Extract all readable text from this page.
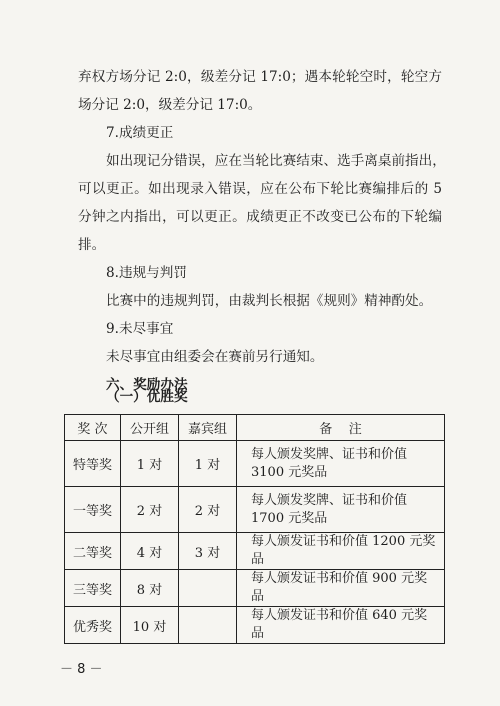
弃权方场分记 2:0，级差分记 17:0；遇本轮轮空时，轮空方
场分记 2:0，级差分记 17:0。
7.成绩更正
如出现记分错误，应在当轮比赛结束、选手离桌前指出，
可以更正。如出现录入错误，应在公布下轮比赛编排后的 5
分钟之内指出，可以更正。成绩更正不改变已公布的下轮编
排。
8.违规与判罚
比赛中的违规判罚，由裁判长根据《规则》精神酌处。
9.未尽事宜
未尽事宜由组委会在赛前另行通知。
六、奖励办法
（一）优胜奖
奖 次	公开组	嘉宾组	备    注
特等奖	1 对	1 对	每人颁发奖牌、证书和价值 3100 元奖品
一等奖	2 对	2 对	每人颁发奖牌、证书和价值 1700 元奖品
二等奖	4 对	3 对	每人颁发证书和价值 1200 元奖品
三等奖	8 对		每人颁发证书和价值 900 元奖品
优秀奖	10 对		每人颁发证书和价值 640 元奖品
－ 8 －
